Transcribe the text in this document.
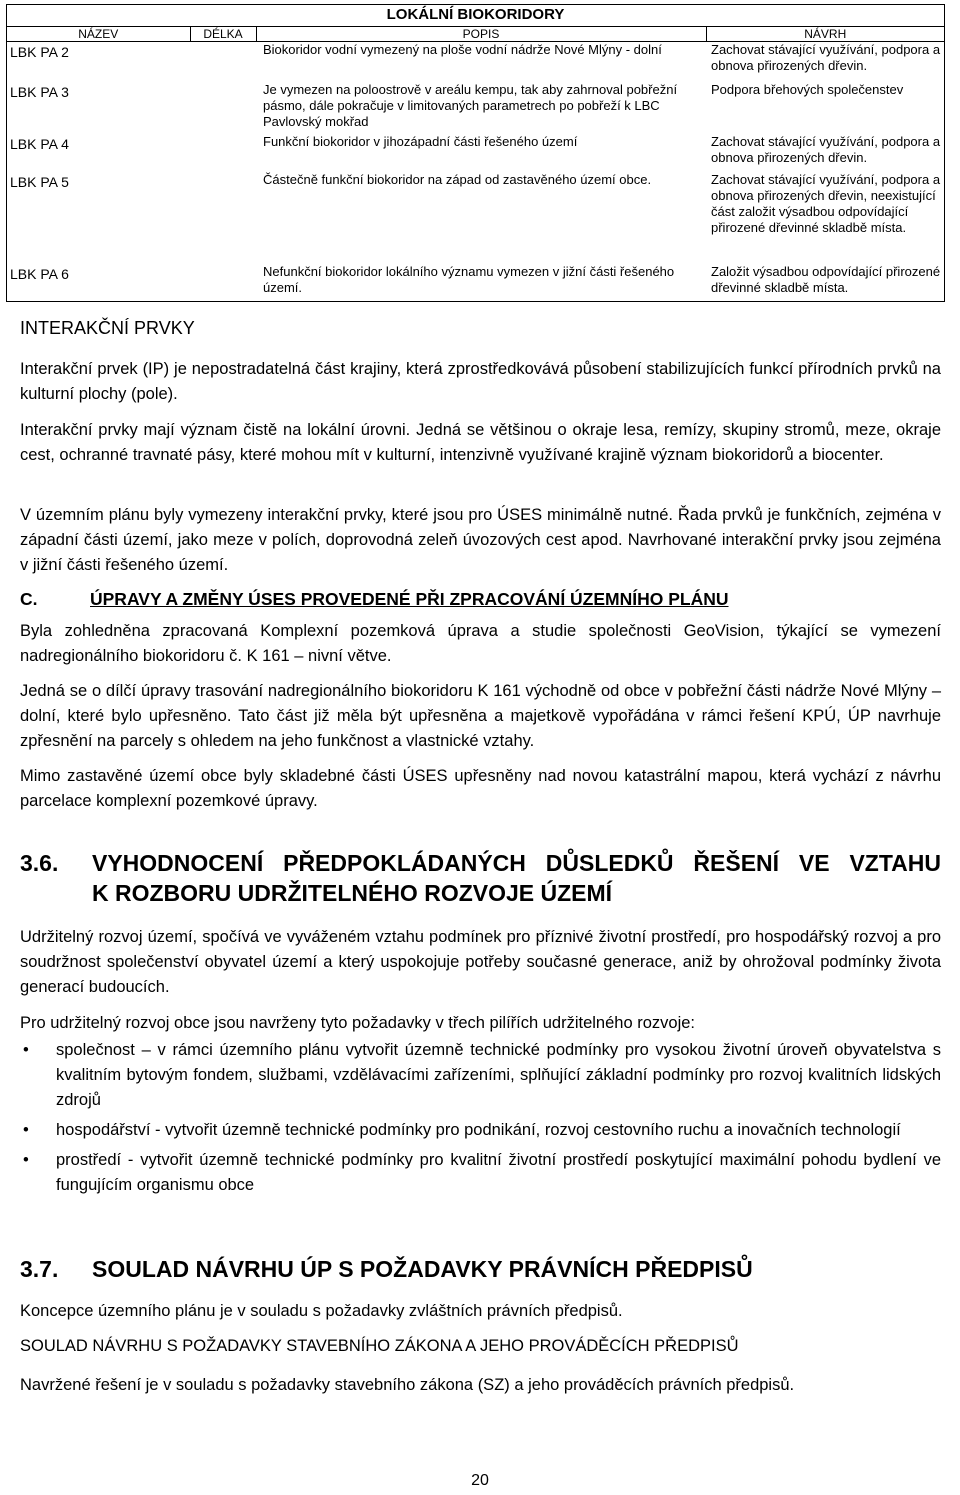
LOKÁLNÍ BIOKORIDORY			
NÁZEV	DÉLKA	POPIS	NÁVRH
LBK PA 2		Biokoridor vodní vymezený na ploše vodní nádrže Nové Mlýny - dolní	Zachovat stávající využívání, podpora a obnova přirozených dřevin.
LBK PA 3		Je vymezen na poloostrově v areálu kempu, tak aby zahrnoval pobřežní pásmo, dále pokračuje v limitovaných parametrech po pobřeží k LBC Pavlovský mokřad	Podpora břehových společenstev
LBK PA 4		Funkční biokoridor v jihozápadní části řešeného území	Zachovat stávající využívání, podpora a obnova přirozených dřevin.
LBK PA 5		Částečně funkční biokoridor na západ od zastavěného území obce.	Zachovat stávající využívání, podpora a obnova přirozených dřevin, neexistující část založit výsadbou odpovídající přirozené dřevinné skladbě místa.
LBK PA 6		Nefunkční biokoridor lokálního významu vymezen v jižní části řešeného území.	Založit výsadbou odpovídající přirozené dřevinné skladbě místa.
INTERAKČNÍ PRVKY
Interakční prvek (IP) je nepostradatelná část krajiny, která zprostředkovává působení stabilizujících funkcí přírodních prvků na kulturní plochy (pole).
Interakční prvky mají význam čistě na lokální úrovni. Jedná se většinou o okraje lesa, remízy, skupiny stromů, meze, okraje cest, ochranné travnaté pásy, které mohou mít v kulturní, intenzivně využívané krajině význam biokoridorů a biocenter.
V územním plánu byly vymezeny interakční prvky, které jsou pro ÚSES minimálně nutné. Řada prvků je funkčních, zejména v západní části území, jako meze v polích, doprovodná zeleň úvozových cest apod. Navrhované interakční prvky jsou zejména v jižní části řešeného území.
C.	ÚPRAVY A ZMĚNY ÚSES PROVEDENÉ PŘI ZPRACOVÁNÍ ÚZEMNÍHO PLÁNU
Byla zohledněna zpracovaná Komplexní pozemková úprava a studie společnosti GeoVision, týkající se vymezení nadregionálního biokoridoru č. K 161 – nivní větve.
Jedná se o dílčí úpravy trasování nadregionálního biokoridoru K 161 východně od obce v pobřežní části nádrže Nové Mlýny – dolní, které bylo upřesněno. Tato část již měla být upřesněna a majetkově vypořádána v rámci řešení KPÚ, ÚP navrhuje zpřesnění na parcely s ohledem na jeho funkčnost a vlastnické vztahy.
Mimo zastavěné území obce byly skladebné části ÚSES upřesněny nad novou katastrální mapou, která vychází z návrhu parcelace komplexní pozemkové úpravy.
3.6. VYHODNOCENÍ PŘEDPOKLÁDANÝCH DŮSLEDKŮ ŘEŠENÍ VE VZTAHU
K ROZBORU UDRŽITELNÉHO ROZVOJE ÚZEMÍ
Udržitelný rozvoj území, spočívá ve vyváženém vztahu podmínek pro příznivé životní prostředí, pro hospodářský rozvoj a pro soudržnost společenství obyvatel území a který uspokojuje potřeby současné generace, aniž by ohrožoval podmínky života generací budoucích.
Pro udržitelný rozvoj obce jsou navrženy tyto požadavky v třech pilířích udržitelného rozvoje:
• společnost – v rámci územního plánu vytvořit územně technické podmínky pro vysokou životní úroveň obyvatelstva s kvalitním bytovým fondem, službami, vzdělávacími zařízeními, splňující základní podmínky pro rozvoj kvalitních lidských zdrojů
• hospodářství - vytvořit územně technické podmínky pro podnikání, rozvoj cestovního ruchu a inovačních technologií
• prostředí - vytvořit územně technické podmínky pro kvalitní životní prostředí poskytující maximální pohodu bydlení ve fungujícím organismu obce
3.7. SOULAD NÁVRHU ÚP S POŽADAVKY PRÁVNÍCH PŘEDPISŮ
Koncepce územního plánu je v souladu s požadavky zvláštních právních předpisů.
SOULAD NÁVRHU S POŽADAVKY STAVEBNÍHO ZÁKONA A JEHO PROVÁDĚCÍCH PŘEDPISŮ
Navržené řešení je v souladu s požadavky stavebního zákona (SZ) a jeho prováděcích právních předpisů.
20
